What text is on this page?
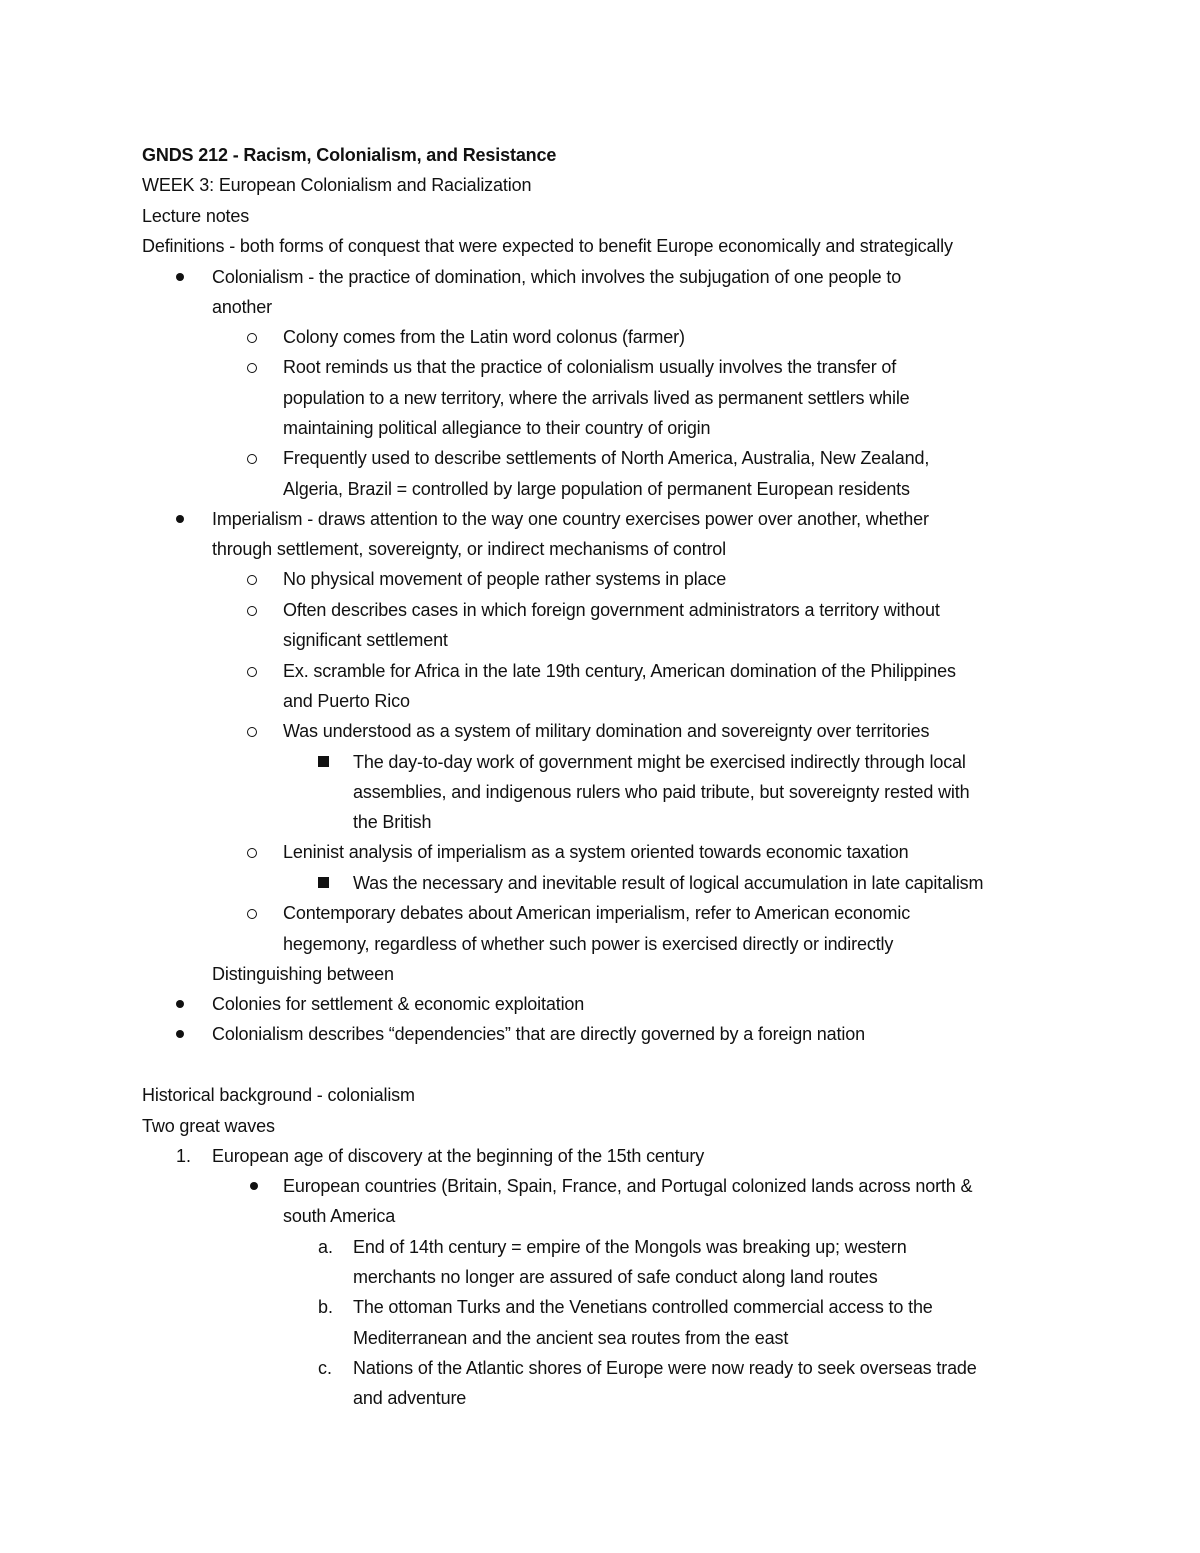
GNDS 212 - Racism, Colonialism, and Resistance
WEEK 3: European Colonialism and Racialization
Lecture notes
Definitions - both forms of conquest that were expected to benefit Europe economically and strategically
Colonialism - the practice of domination, which involves the subjugation of one people to
another
Colony comes from the Latin word colonus (farmer)
Root reminds us that the practice of colonialism usually involves the transfer of
population to a new territory, where the arrivals lived as permanent settlers while
maintaining political allegiance to their country of origin
Frequently used to describe settlements of North America, Australia, New Zealand,
Algeria, Brazil = controlled by large population of permanent European residents
Imperialism - draws attention to the way one country exercises power over another, whether
through settlement, sovereignty, or indirect mechanisms of control
No physical movement of people rather systems in place
Often describes cases in which foreign government administrators a territory without
significant settlement
Ex. scramble for Africa in the late 19th century, American domination of the Philippines
and Puerto Rico
Was understood as a system of military domination and sovereignty over territories
The day-to-day work of government might be exercised indirectly through local
assemblies, and indigenous rulers who paid tribute, but sovereignty rested with
the British
Leninist analysis of imperialism as a system oriented towards economic taxation
Was the necessary and inevitable result of logical accumulation in late capitalism
Contemporary debates about American imperialism, refer to American economic
hegemony, regardless of whether such power is exercised directly or indirectly
Distinguishing between
Colonies for settlement & economic exploitation
Colonialism describes “dependencies” that are directly governed by a foreign nation
Historical background - colonialism
Two great waves
1. European age of discovery at the beginning of the 15th century
European countries (Britain, Spain, France, and Portugal colonized lands across north &
south America
a. End of 14th century = empire of the Mongols was breaking up; western
merchants no longer are assured of safe conduct along land routes
b. The ottoman Turks and the Venetians controlled commercial access to the
Mediterranean and the ancient sea routes from the east
c. Nations of the Atlantic shores of Europe were now ready to seek overseas trade
and adventure
